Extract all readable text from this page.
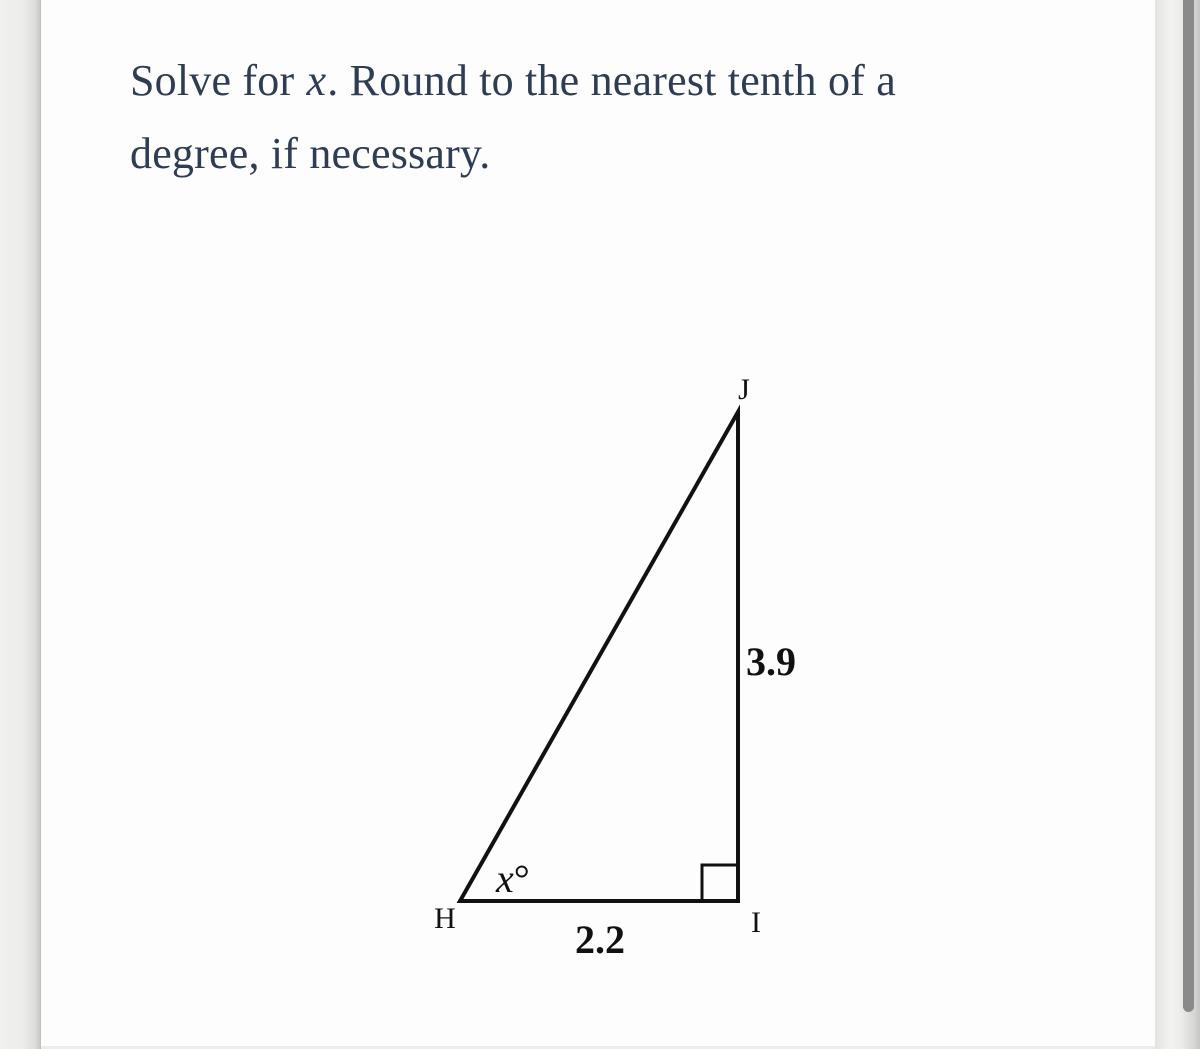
Solve for x. Round to the nearest tenth of a
degree, if necessary.
J
H	I
3.9
2.2
x°
